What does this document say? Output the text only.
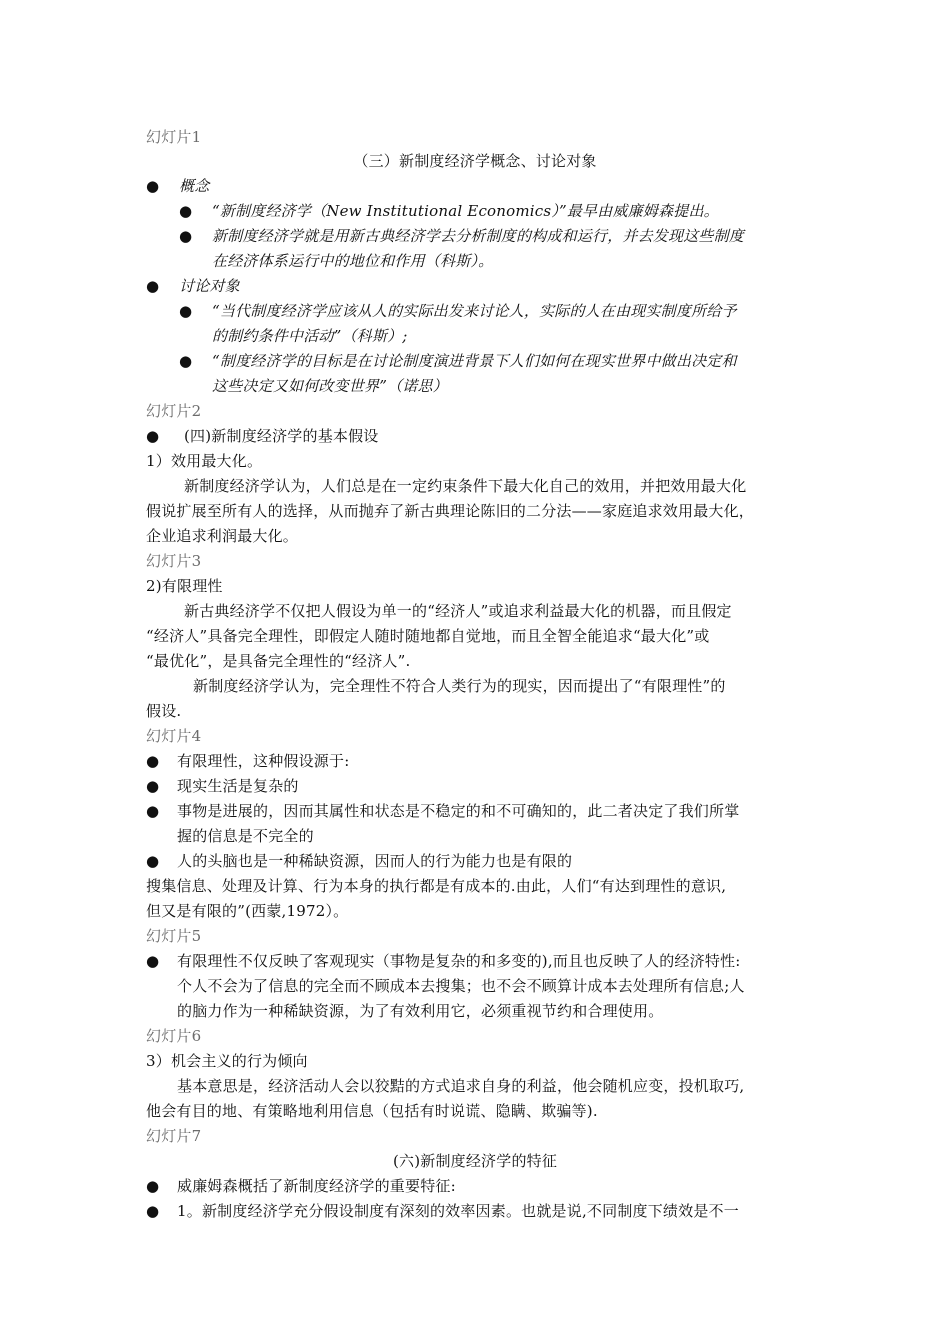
幻灯片1
（三）新制度经济学概念、讨论对象
● 概念
● “新制度经济学（New Institutional Economics）”最早由威廉姆森提出。
● 新制度经济学就是用新古典经济学去分析制度的构成和运行，并去发现这些制度
在经济体系运行中的地位和作用（科斯）。
● 讨论对象
● “当代制度经济学应该从人的实际出发来讨论人，实际的人在由现实制度所给予
的制约条件中活动”（科斯）;
● “制度经济学的目标是在讨论制度演进背景下人们如何在现实世界中做出决定和
这些决定又如何改变世界”（诺思）
幻灯片2
● (四)新制度经济学的基本假设
1）效用最大化。
新制度经济学认为，人们总是在一定约束条件下最大化自己的效用，并把效用最大化
假说扩展至所有人的选择，从而抛弃了新古典理论陈旧的二分法——家庭追求效用最大化，
企业追求利润最大化。
幻灯片3
2)有限理性
新古典经济学不仅把人假设为单一的“经济人”或追求利益最大化的机器，而且假定
“经济人”具备完全理性，即假定人随时随地都自觉地，而且全智全能追求“最大化”或
“最优化”，是具备完全理性的“经济人”.
新制度经济学认为，完全理性不符合人类行为的现实，因而提出了“有限理性”的
假设.
幻灯片4
● 有限理性，这种假设源于:
● 现实生活是复杂的
● 事物是进展的，因而其属性和状态是不稳定的和不可确知的，此二者决定了我们所掌
握的信息是不完全的
● 人的头脑也是一种稀缺资源，因而人的行为能力也是有限的
搜集信息、处理及计算、行为本身的执行都是有成本的.由此，人们“有达到理性的意识,
但又是有限的”(西蒙,1972）。
幻灯片5
● 有限理性不仅反映了客观现实（事物是复杂的和多变的),而且也反映了人的经济特性:
个人不会为了信息的完全而不顾成本去搜集；也不会不顾算计成本去处理所有信息;人
的脑力作为一种稀缺资源，为了有效利用它，必须重视节约和合理使用。
幻灯片6
3）机会主义的行为倾向
基本意思是，经济活动人会以狡黠的方式追求自身的利益，他会随机应变，投机取巧,
他会有目的地、有策略地利用信息（包括有时说谎、隐瞒、欺骗等).
幻灯片7
(六)新制度经济学的特征
● 威廉姆森概括了新制度经济学的重要特征:
● 1。新制度经济学充分假设制度有深刻的效率因素。也就是说,不同制度下绩效是不一
